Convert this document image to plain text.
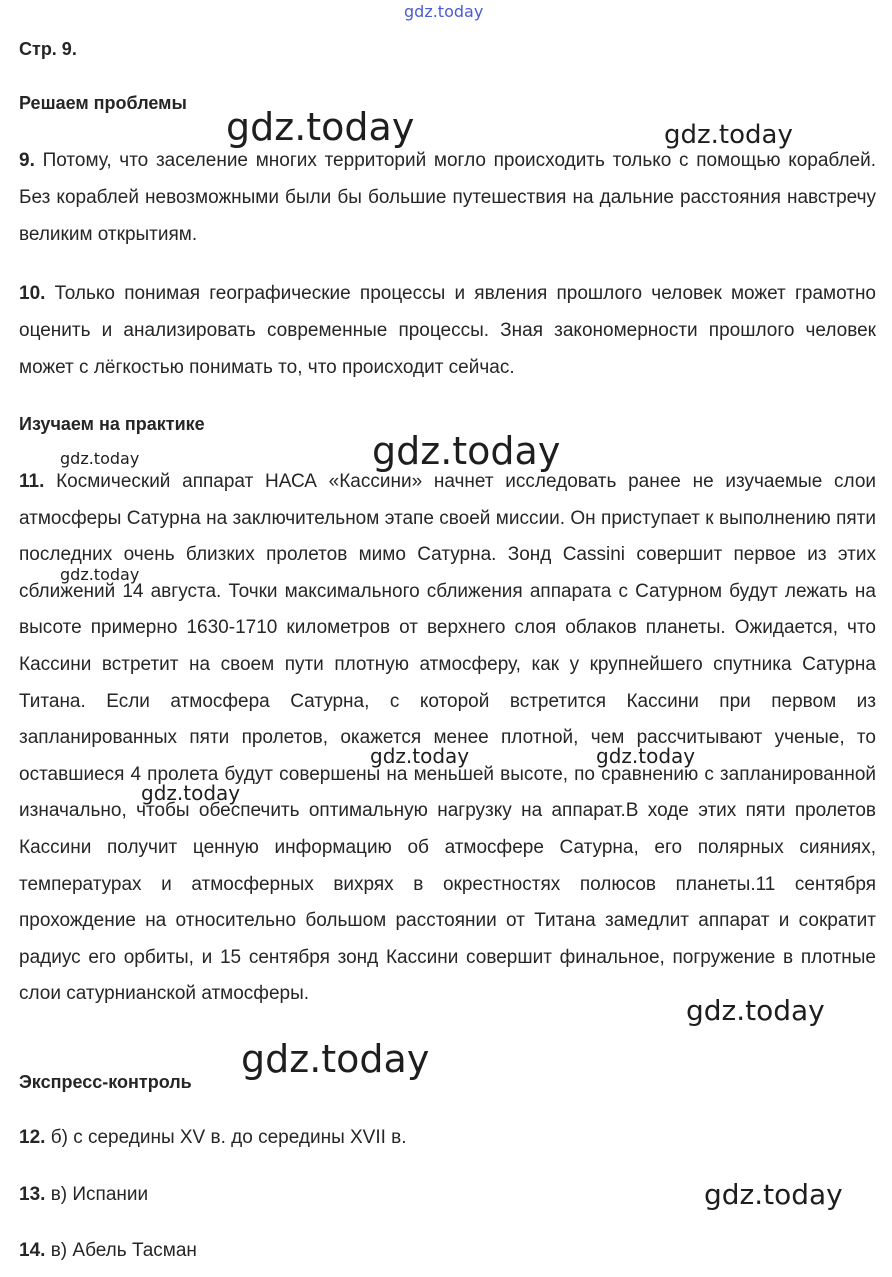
gdz.today
gdz.today	gdz.today
gdz.today
gdz.today
gdz.today
gdz.today	gdz.today
gdz.today
gdz.today
gdz.today
gdz.today
Стр. 9.
Решаем проблемы

9. Потому, что заселение многих территорий могло происходить только с помощью кораблей. Без кораблей невозможными были бы большие путешествия на дальние расстояния навстречу великим открытиям.

10. Только понимая географические процессы и явления прошлого человек может грамотно оценить и анализировать современные процессы. Зная закономерности прошлого человек может с лёгкостью понимать то, что происходит сейчас.

Изучаем на практике

11. Космический аппарат НАСА «Кассини» начнет исследовать ранее не изучаемые слои атмосферы Сатурна на заключительном этапе своей миссии. Он приступает к выполнению пяти последних очень близких пролетов мимо Сатурна. Зонд Cassini совершит первое из этих сближений 14 августа. Точки максимального сближения аппарата с Сатурном будут лежать на высоте примерно 1630-1710 километров от верхнего слоя облаков планеты. Ожидается, что Кассини встретит на своем пути плотную атмосферу, как у крупнейшего спутника Сатурна Титана. Если атмосфера Сатурна, с которой встретится Кассини при первом из запланированных пяти пролетов, окажется менее плотной, чем рассчитывают ученые, то оставшиеся 4 пролета будут совершены на меньшей высоте, по сравнению с запланированной изначально, чтобы обеспечить оптимальную нагрузку на аппарат.В ходе этих пяти пролетов Кассини получит ценную информацию об атмосфере Сатурна, его полярных сияниях, температурах и атмосферных вихрях в окрестностях полюсов планеты.11 сентября прохождение на относительно большом расстоянии от Титана замедлит аппарат и сократит радиус его орбиты, и 15 сентября зонд Кассини совершит финальное, погружение в плотные слои сатурнианской атмосферы.

Экспресс-контроль
12. б) с середины XV в. до середины XVII в.
13. в) Испании
14. в) Абель Тасман
